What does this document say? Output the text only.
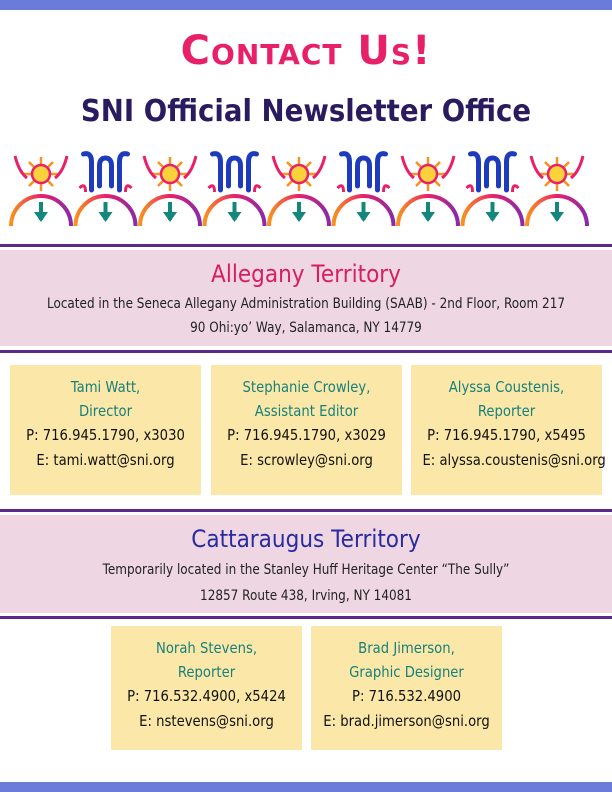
Contact Us!
SNI Official Newsletter Office
Allegany Territory
Located in the Seneca Allegany Administration Building (SAAB) - 2nd Floor, Room 217
90 Ohi:yo’ Way, Salamanca, NY 14779
Tami Watt,
Director
P: 716.945.1790, x3030
E: tami.watt@sni.org
Stephanie Crowley,
Assistant Editor
P: 716.945.1790, x3029
E: scrowley@sni.org
Alyssa Coustenis,
Reporter
P: 716.945.1790, x5495
E: alyssa.coustenis@sni.org
Cattaraugus Territory
Temporarily located in the Stanley Huff Heritage Center “The Sully”
12857 Route 438, Irving, NY 14081
Norah Stevens,
Reporter
P: 716.532.4900, x5424
E: nstevens@sni.org
Brad Jimerson,
Graphic Designer
P: 716.532.4900
E: brad.jimerson@sni.org
